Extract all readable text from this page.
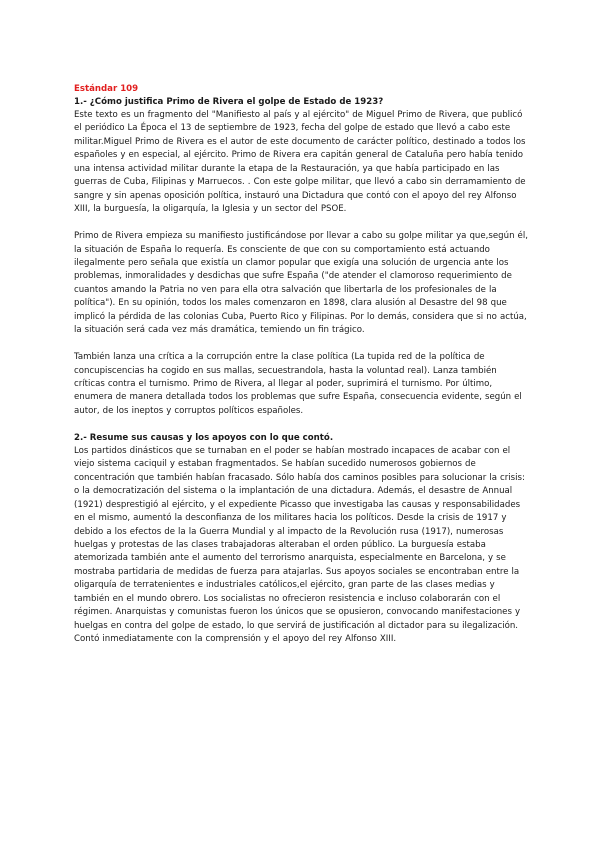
Estándar 109

1.- ¿Cómo justifica Primo de Rivera el golpe de Estado de 1923?

Este texto es un fragmento del "Manifiesto al país y al ejército" de Miguel Primo de Rivera, que publicó el periódico La Época el 13 de septiembre de 1923, fecha del golpe de estado que llevó a cabo este militar.Miguel Primo de Rivera es el autor de este documento de carácter político, destinado a todos los españoles y en especial, al ejército. Primo de Rivera era capitán general de Cataluña pero había tenido una intensa actividad militar durante la etapa de la Restauración, ya que había participado en las guerras de Cuba, Filipinas y Marruecos. . Con este golpe militar, que llevó a cabo sin derramamiento de sangre y sin apenas oposición política, instauró una Dictadura que contó con el apoyo del rey Alfonso XIII, la burguesía, la oligarquía, la Iglesia y un sector del PSOE.

Primo de Rivera empieza su manifiesto justificándose por llevar a cabo su golpe militar ya que,según él, la situación de España lo requería. Es consciente de que con su comportamiento está actuando ilegalmente pero señala que existía un clamor popular que exigía una solución de urgencia ante los problemas, inmoralidades y desdichas que sufre España ("de atender el clamoroso requerimiento de cuantos amando la Patria no ven para ella otra salvación que libertarla de los profesionales de la política"). En su opinión, todos los males comenzaron en 1898, clara alusión al Desastre del 98 que implicó la pérdida de las colonias Cuba, Puerto Rico y Filipinas. Por lo demás, considera que si no actúa, la situación será cada vez más dramática, temiendo un fin trágico.

También lanza una crítica a la corrupción entre la clase política (La tupida red de la política de concupiscencias ha cogido en sus mallas, secuestrandola, hasta la voluntad real). Lanza también críticas contra el turnismo. Primo de Rivera, al llegar al poder, suprimirá el turnismo. Por último, enumera de manera detallada todos los problemas que sufre España, consecuencia evidente, según el autor, de los ineptos y corruptos políticos españoles.

2.- Resume sus causas y los apoyos con lo que contó.

Los partidos dinásticos que se turnaban en el poder se habían mostrado incapaces de acabar con el viejo sistema caciquil y estaban fragmentados. Se habían sucedido numerosos gobiernos de concentración que también habían fracasado. Sólo había dos caminos posibles para solucionar la crisis: o la democratización del sistema o la implantación de una dictadura. Además, el desastre de Annual (1921) desprestigió al ejército, y el expediente Picasso que investigaba las causas y responsabilidades en el mismo, aumentó la desconfianza de los militares hacia los políticos. Desde la crisis de 1917 y debido a los efectos de la la Guerra Mundial y al impacto de la Revolución rusa (1917), numerosas huelgas y protestas de las clases trabajadoras alteraban el orden público. La burguesía estaba atemorizada también ante el aumento del terrorismo anarquista, especialmente en Barcelona, y se mostraba partidaria de medidas de fuerza para atajarlas. Sus apoyos sociales se encontraban entre la oligarquía de terratenientes e industriales católicos,el ejército, gran parte de las clases medias y también en el mundo obrero. Los socialistas no ofrecieron resistencia e incluso colaborarán con el régimen. Anarquistas y comunistas fueron los únicos que se opusieron, convocando manifestaciones y huelgas en contra del golpe de estado, lo que servirá de justificación al dictador para su ilegalización. Contó inmediatamente con la comprensión y el apoyo del rey Alfonso XIII.
